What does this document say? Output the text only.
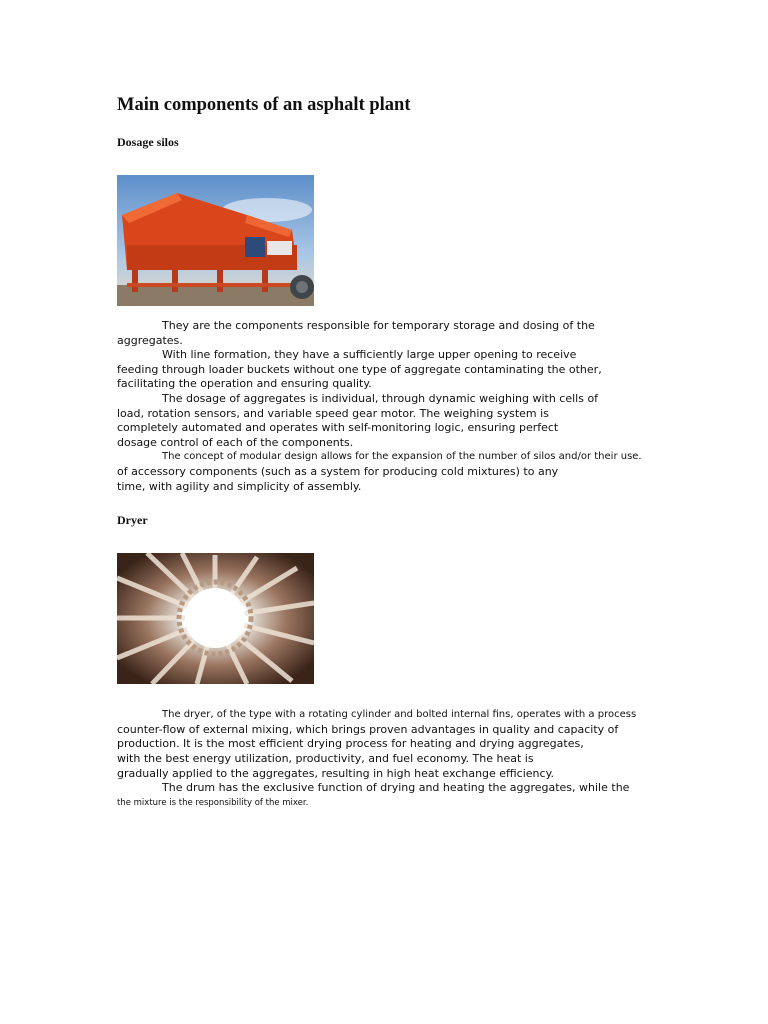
Main components of an asphalt plant
Dosage silos
They are the components responsible for temporary storage and dosing of the
aggregates.
With line formation, they have a sufficiently large upper opening to receive
feeding through loader buckets without one type of aggregate contaminating the other,
facilitating the operation and ensuring quality.
The dosage of aggregates is individual, through dynamic weighing with cells of
load, rotation sensors, and variable speed gear motor. The weighing system is
completely automated and operates with self-monitoring logic, ensuring perfect
dosage control of each of the components.
The concept of modular design allows for the expansion of the number of silos and/or their use.
of accessory components (such as a system for producing cold mixtures) to any
time, with agility and simplicity of assembly.
Dryer
The dryer, of the type with a rotating cylinder and bolted internal fins, operates with a process
counter-flow of external mixing, which brings proven advantages in quality and capacity of
production. It is the most efficient drying process for heating and drying aggregates,
with the best energy utilization, productivity, and fuel economy. The heat is
gradually applied to the aggregates, resulting in high heat exchange efficiency.
The drum has the exclusive function of drying and heating the aggregates, while the
the mixture is the responsibility of the mixer.
